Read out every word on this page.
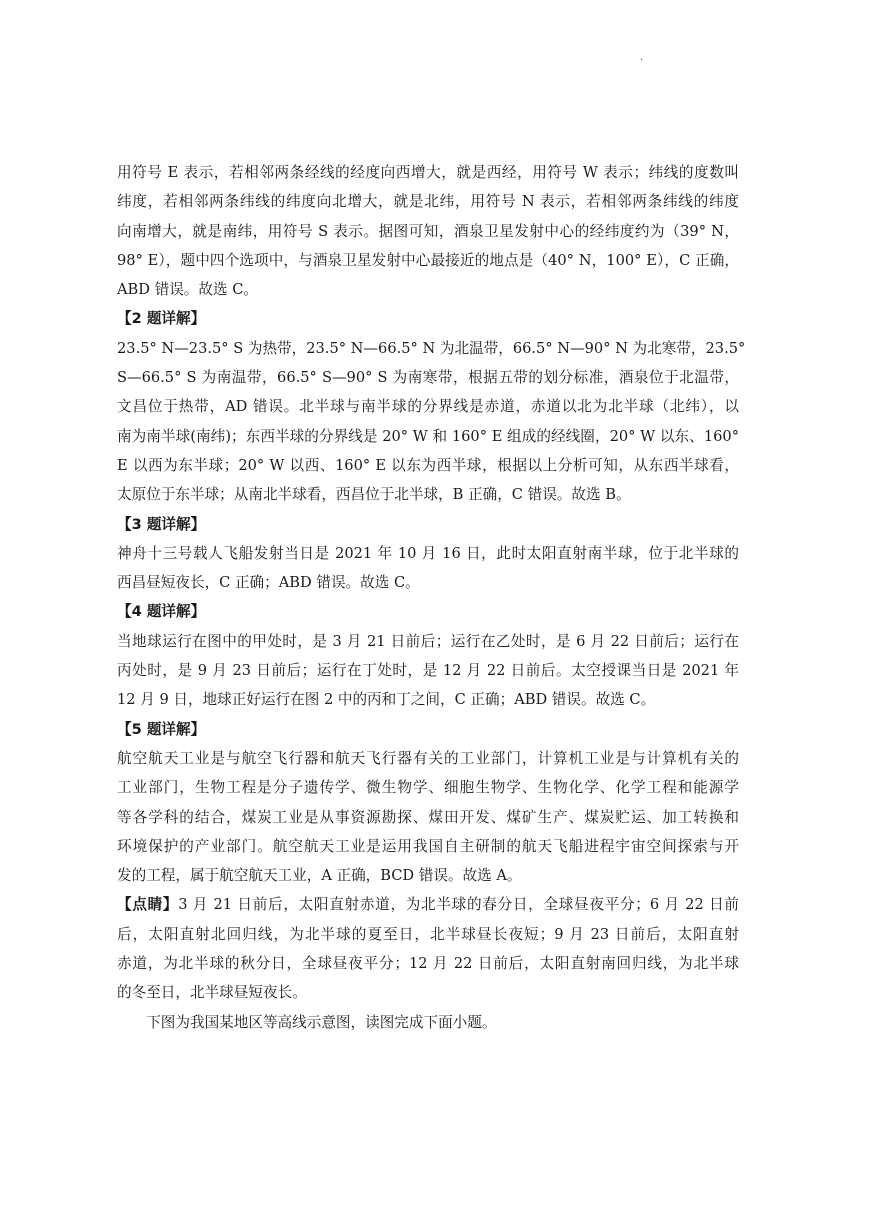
.
用符号 E 表示，若相邻两条经线的经度向西增大，就是西经，用符号 W 表示；纬线的度数叫
纬度，若相邻两条纬线的纬度向北增大，就是北纬，用符号 N 表示，若相邻两条纬线的纬度
向南增大，就是南纬，用符号 S 表示。据图可知，酒泉卫星发射中心的经纬度约为（39° N，
98° E），题中四个选项中，与酒泉卫星发射中心最接近的地点是（40° N，100° E），C 正确，
ABD 错误。故选 C。
【2 题详解】
23.5° N—23.5° S 为热带，23.5° N—66.5° N 为北温带，66.5° N—90° N 为北寒带，23.5°
S—66.5° S 为南温带，66.5° S—90° S 为南寒带，根据五带的划分标准，酒泉位于北温带，
文昌位于热带，AD 错误。北半球与南半球的分界线是赤道，赤道以北为北半球（北纬），以
南为南半球(南纬)；东西半球的分界线是 20° W 和 160° E 组成的经线圈，20° W 以东、160°
E 以西为东半球；20° W 以西、160° E 以东为西半球，根据以上分析可知，从东西半球看，
太原位于东半球；从南北半球看，西昌位于北半球，B 正确，C 错误。故选 B。
【3 题详解】
神舟十三号载人飞船发射当日是 2021 年 10 月 16 日，此时太阳直射南半球，位于北半球的
西昌昼短夜长，C 正确；ABD 错误。故选 C。
【4 题详解】
当地球运行在图中的甲处时，是 3 月 21 日前后；运行在乙处时，是 6 月 22 日前后；运行在
丙处时，是 9 月 23 日前后；运行在丁处时，是 12 月 22 日前后。太空授课当日是 2021 年
12 月 9 日，地球正好运行在图 2 中的丙和丁之间，C 正确；ABD 错误。故选 C。
【5 题详解】
航空航天工业是与航空飞行器和航天飞行器有关的工业部门，计算机工业是与计算机有关的
工业部门，生物工程是分子遗传学、微生物学、细胞生物学、生物化学、化学工程和能源学
等各学科的结合，煤炭工业是从事资源勘探、煤田开发、煤矿生产、煤炭贮运、加工转换和
环境保护的产业部门。航空航天工业是运用我国自主研制的航天飞船进程宇宙空间探索与开
发的工程，属于航空航天工业，A 正确，BCD 错误。故选 A。
【点睛】3 月 21 日前后，太阳直射赤道，为北半球的春分日，全球昼夜平分；6 月 22 日前
后，太阳直射北回归线，为北半球的夏至日，北半球昼长夜短；9 月 23 日前后，太阳直射
赤道，为北半球的秋分日，全球昼夜平分；12 月 22 日前后，太阳直射南回归线，为北半球
的冬至日，北半球昼短夜长。
下图为我国某地区等高线示意图，读图完成下面小题。
